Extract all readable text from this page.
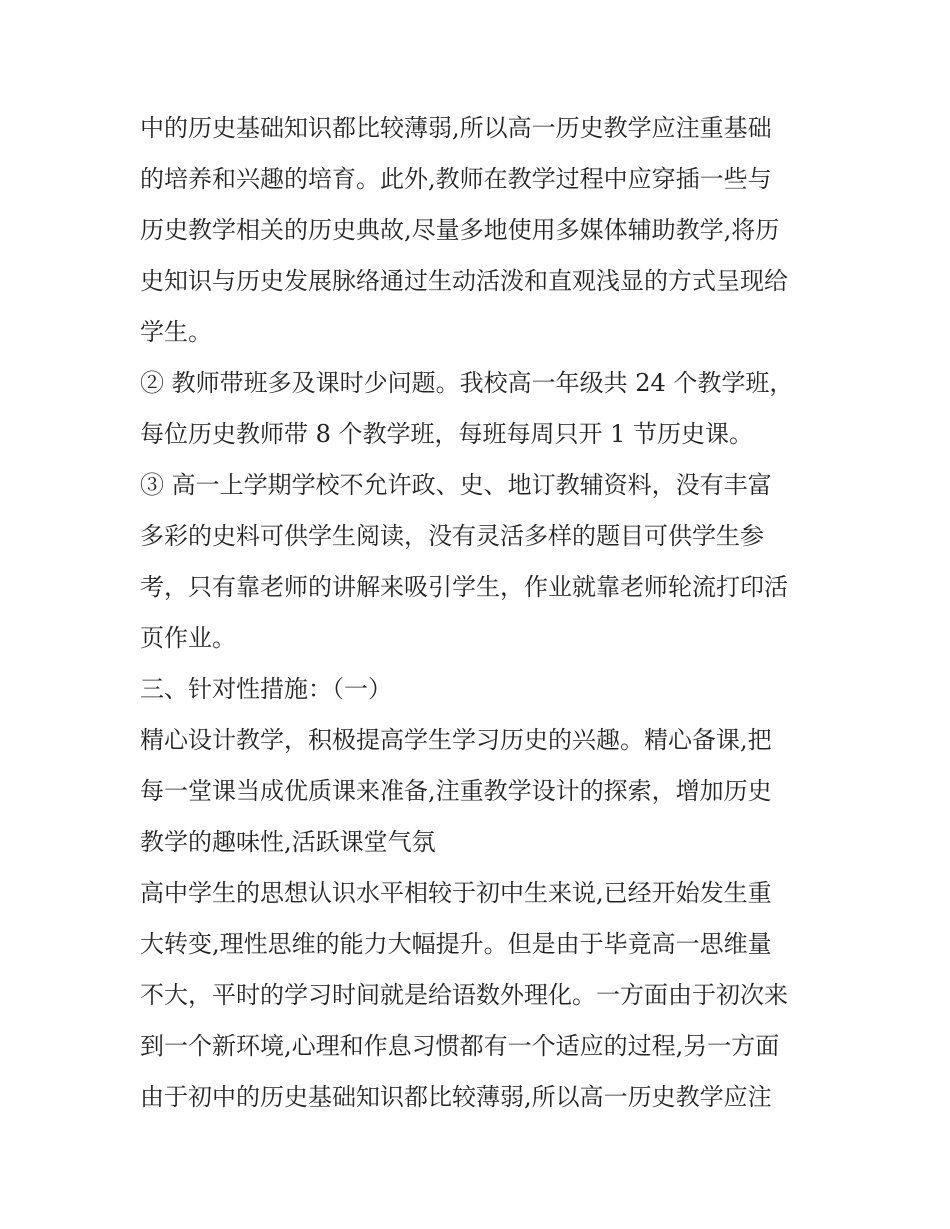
中的历史基础知识都比较薄弱,所以高一历史教学应注重基础
的培养和兴趣的培育。此外,教师在教学过程中应穿插一些与
历史教学相关的历史典故,尽量多地使用多媒体辅助教学,将历
史知识与历史发展脉络通过生动活泼和直观浅显的方式呈现给
学生。
② 教师带班多及课时少问题。我校高一年级共 24 个教学班，
每位历史教师带 8 个教学班，每班每周只开 1 节历史课。
③ 高一上学期学校不允许政、史、地订教辅资料，没有丰富
多彩的史料可供学生阅读，没有灵活多样的题目可供学生参
考，只有靠老师的讲解来吸引学生，作业就靠老师轮流打印活
页作业。
三、针对性措施：（一）
精心设计教学，积极提高学生学习历史的兴趣。精心备课,把
每一堂课当成优质课来准备,注重教学设计的探索，增加历史
教学的趣味性,活跃课堂气氛
高中学生的思想认识水平相较于初中生来说,已经开始发生重
大转变,理性思维的能力大幅提升。但是由于毕竟高一思维量
不大，平时的学习时间就是给语数外理化。一方面由于初次来
到一个新环境,心理和作息习惯都有一个适应的过程,另一方面
由于初中的历史基础知识都比较薄弱,所以高一历史教学应注
